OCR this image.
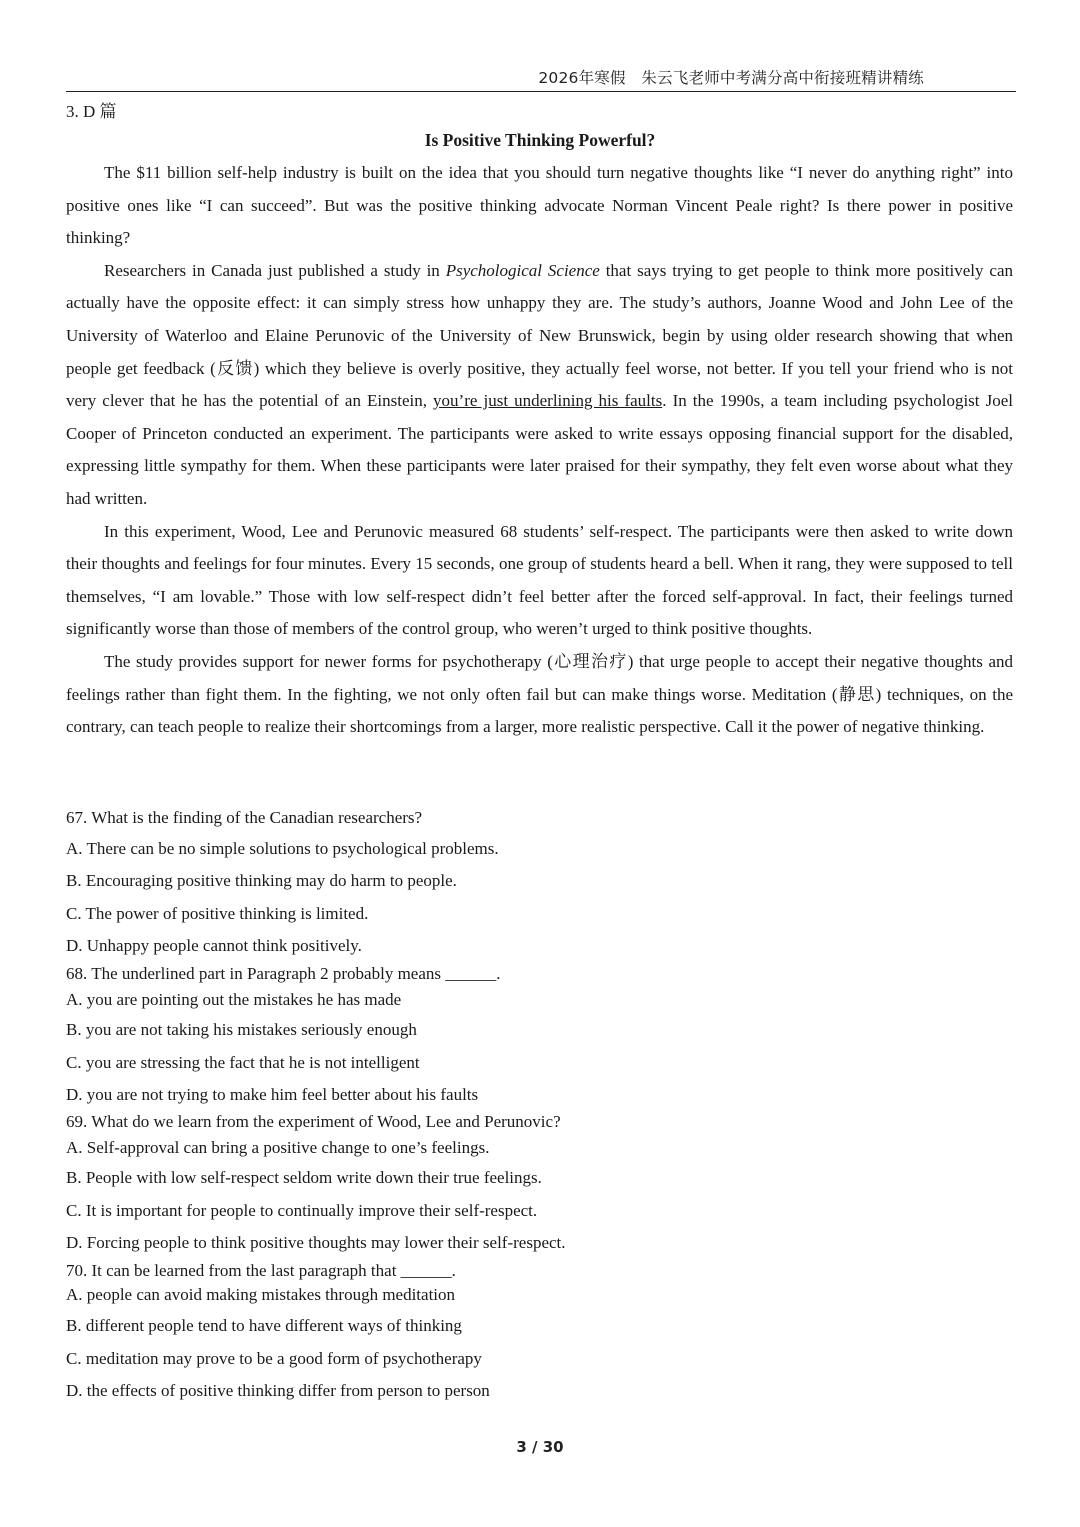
2026年寒假　朱云飞老师中考满分高中衔接班精讲精练
3. D 篇
Is Positive Thinking Powerful?

The $11 billion self-help industry is built on the idea that you should turn negative thoughts like “I never do anything right” into positive ones like “I can succeed”. But was the positive thinking advocate Norman Vincent Peale right? Is there power in positive thinking?

Researchers in Canada just published a study in Psychological Science that says trying to get people to think more positively can actually have the opposite effect: it can simply stress how unhappy they are. The study’s authors, Joanne Wood and John Lee of the University of Waterloo and Elaine Perunovic of the University of New Brunswick, begin by using older research showing that when people get feedback (反馈) which they believe is overly positive, they actually feel worse, not better. If you tell your friend who is not very clever that he has the potential of an Einstein, you’re just underlining his faults. In the 1990s, a team including psychologist Joel Cooper of Princeton conducted an experiment. The participants were asked to write essays opposing financial support for the disabled, expressing little sympathy for them. When these participants were later praised for their sympathy, they felt even worse about what they had written.

In this experiment, Wood, Lee and Perunovic measured 68 students’ self-respect. The participants were then asked to write down their thoughts and feelings for four minutes. Every 15 seconds, one group of students heard a bell. When it rang, they were supposed to tell themselves, “I am lovable.” Those with low self-respect didn’t feel better after the forced self-approval. In fact, their feelings turned significantly worse than those of members of the control group, who weren’t urged to think positive thoughts.

The study provides support for newer forms for psychotherapy (心理治疗) that urge people to accept their negative thoughts and feelings rather than fight them. In the fighting, we not only often fail but can make things worse. Meditation (静思) techniques, on the contrary, can teach people to realize their shortcomings from a larger, more realistic perspective. Call it the power of negative thinking.

67. What is the finding of the Canadian researchers?
A. There can be no simple solutions to psychological problems.
B. Encouraging positive thinking may do harm to people.
C. The power of positive thinking is limited.
D. Unhappy people cannot think positively.
68. The underlined part in Paragraph 2 probably means ______.
A. you are pointing out the mistakes he has made
B. you are not taking his mistakes seriously enough
C. you are stressing the fact that he is not intelligent
D. you are not trying to make him feel better about his faults
69. What do we learn from the experiment of Wood, Lee and Perunovic?
A. Self-approval can bring a positive change to one’s feelings.
B. People with low self-respect seldom write down their true feelings.
C. It is important for people to continually improve their self-respect.
D. Forcing people to think positive thoughts may lower their self-respect.
70. It can be learned from the last paragraph that ______.
A. people can avoid making mistakes through meditation
B. different people tend to have different ways of thinking
C. meditation may prove to be a good form of psychotherapy
D. the effects of positive thinking differ from person to person
3 / 30
